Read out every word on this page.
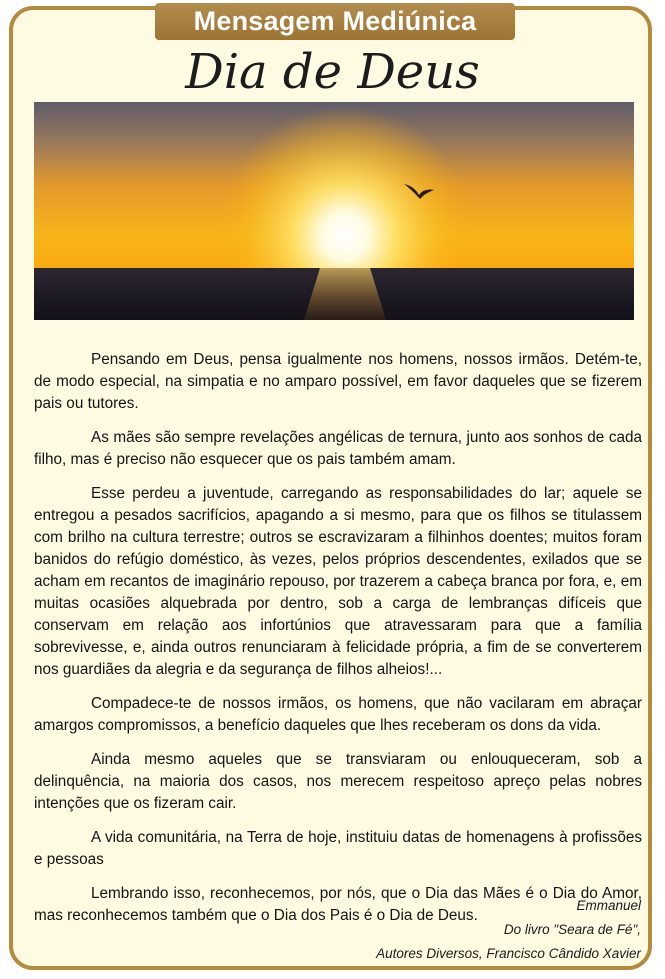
Mensagem Mediúnica
Dia de Deus

Pensando em Deus, pensa igualmente nos homens, nossos irmãos. Detém-te, de modo especial, na simpatia e no amparo possível, em favor daqueles que se fizerem pais ou tutores.

As mães são sempre revelações angélicas de ternura, junto aos sonhos de cada filho, mas é preciso não esquecer que os pais também amam.

Esse perdeu a juventude, carregando as responsabilidades do lar; aquele se entregou a pesados sacrifícios, apagando a si mesmo, para que os filhos se titulassem com brilho na cultura terrestre; outros se escravizaram a filhinhos doentes; muitos foram banidos do refúgio doméstico, às vezes, pelos próprios descendentes, exilados que se acham em recantos de imaginário repouso, por trazerem a cabeça branca por fora, e, em muitas ocasiões alquebrada por dentro, sob a carga de lembranças difíceis que conservam em relação aos infortúnios que atravessaram para que a família sobrevivesse, e, ainda outros renunciaram à felicidade própria, a fim de se converterem nos guardiães da alegria e da segurança de filhos alheios!...

Compadece-te de nossos irmãos, os homens, que não vacilaram em abraçar amargos compromissos, a benefício daqueles que lhes receberam os dons da vida.

Ainda mesmo aqueles que se transviaram ou enlouqueceram, sob a delinquência, na maioria dos casos, nos merecem respeitoso apreço pelas nobres intenções que os fizeram cair.

A vida comunitária, na Terra de hoje, instituiu datas de homenagens à profissões e pessoas

Lembrando isso, reconhecemos, por nós, que o Dia das Mães é o Dia do Amor, mas reconhecemos também que o Dia dos Pais é o Dia de Deus.

Emmanuel
Do livro "Seara de Fé",
Autores Diversos, Francisco Cândido Xavier
